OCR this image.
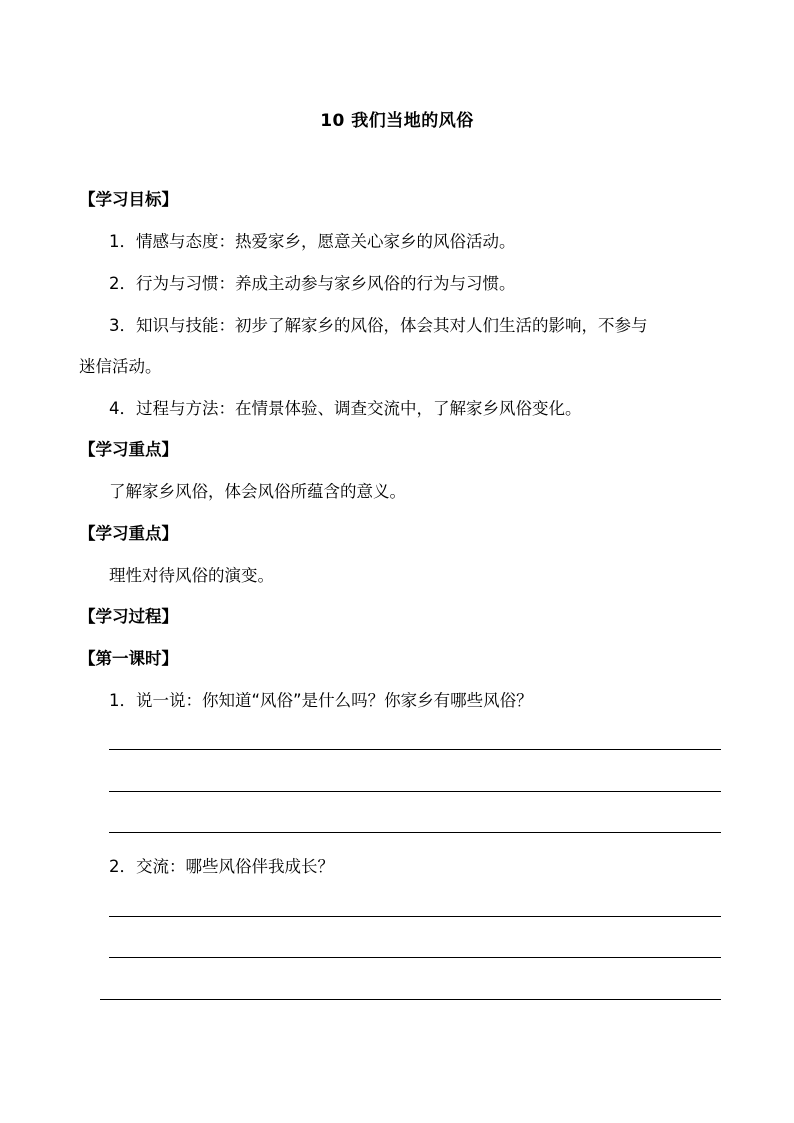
10 我们当地的风俗
【学习目标】
1．情感与态度：热爱家乡，愿意关心家乡的风俗活动。
2．行为与习惯：养成主动参与家乡风俗的行为与习惯。
3．知识与技能：初步了解家乡的风俗，体会其对人们生活的影响，不参与
迷信活动。
4．过程与方法：在情景体验、调查交流中，了解家乡风俗变化。
【学习重点】
了解家乡风俗，体会风俗所蕴含的意义。
【学习重点】
理性对待风俗的演变。
【学习过程】
【第一课时】
1．说一说：你知道“风俗”是什么吗？你家乡有哪些风俗？
2．交流：哪些风俗伴我成长？
